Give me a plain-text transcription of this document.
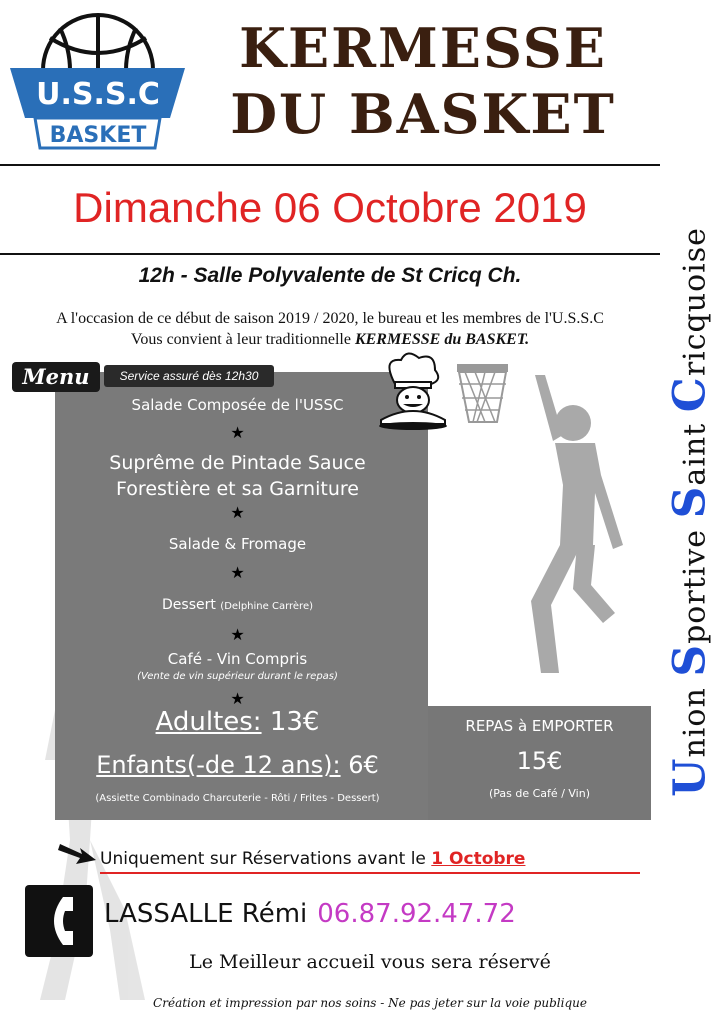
U.S.S.C
BASKET
KERMESSE
DU BASKET
Dimanche 06 Octobre 2019
12h - Salle Polyvalente de St Cricq Ch.
A l'occasion de ce début de saison 2019 / 2020, le bureau et les membres de l'U.S.S.C
Vous convient à leur traditionnelle KERMESSE du BASKET.
Menu	Service assuré dès 12h30
Salade Composée de l'USSC
★
Suprême de Pintade Sauce
Forestière et sa Garniture
★
Salade & Fromage
★
Dessert (Delphine Carrère)
★
Café - Vin Compris
(Vente de vin supérieur durant le repas)
★
Adultes: 13€
Enfants(-de 12 ans): 6€
(Assiette Combinado Charcuterie - Rôti / Frites - Dessert)
REPAS à EMPORTER
15€
(Pas de Café / Vin)
Uniquement sur Réservations avant le 1 Octobre
LASSALLE Rémi 06.87.92.47.72
Le Meilleur accueil vous sera réservé
Création et impression par nos soins - Ne pas jeter sur la voie publique
Union Sportive Saint Cricquoise
